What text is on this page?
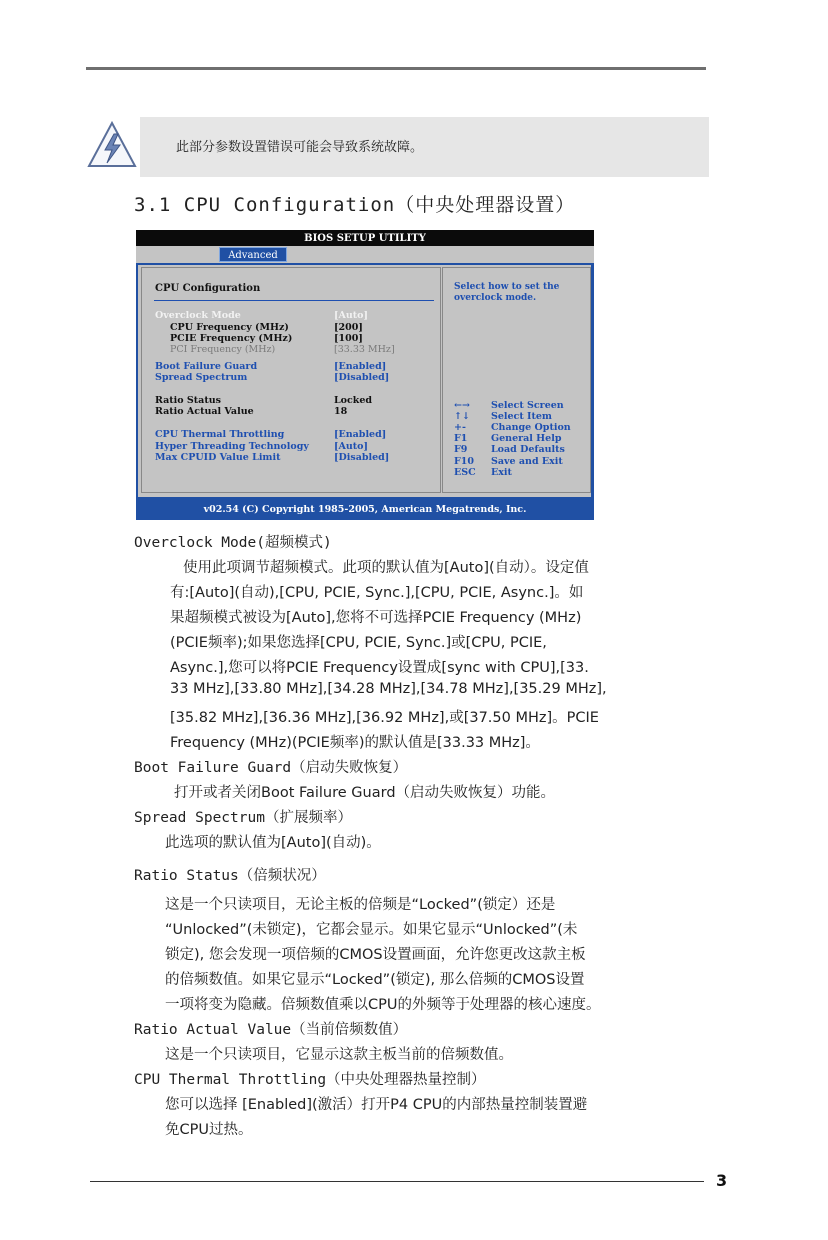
此部分参数设置错误可能会导致系统故障。
3.1 CPU Configuration（中央处理器设置）
BIOS SETUP UTILITY
Advanced
CPU Configuration
Overclock Mode	[Auto]
CPU Frequency (MHz)	[200]
PCIE Frequency (MHz)	[100]
PCI Frequency (MHz)	[33.33 MHz]
Boot Failure Guard	[Enabled]
Spread Spectrum	[Disabled]
Ratio Status	Locked
Ratio Actual Value	18
CPU Thermal Throttling	[Enabled]
Hyper Threading Technology	[Auto]
Max CPUID Value Limit	[Disabled]
Select how to set the
overclock mode.
←→ Select Screen
↑↓ Select Item
+-	Change Option
F1 General Help
F9 Load Defaults
F10 Save and Exit
ESC Exit
v02.54 (C) Copyright 1985-2005, American Megatrends, Inc.
Overclock Mode(超频模式)
使用此项调节超频模式。此项的默认值为[Auto](自动）。设定值
有:[Auto](自动),[CPU, PCIE, Sync.],[CPU, PCIE, Async.]。如
果超频模式被设为[Auto],您将不可选择PCIE Frequency (MHz)
(PCIE频率);如果您选择[CPU, PCIE, Sync.]或[CPU, PCIE,
Async.],您可以将PCIE Frequency设置成[sync with CPU],[33.
33 MHz],[33.80 MHz],[34.28 MHz],[34.78 MHz],[35.29 MHz],
[35.82 MHz],[36.36 MHz],[36.92 MHz],或[37.50 MHz]。PCIE
Frequency (MHz)(PCIE频率)的默认值是[33.33 MHz]。
Boot Failure Guard（启动失败恢复）
打开或者关闭Boot Failure Guard（启动失败恢复）功能。
Spread Spectrum（扩展频率）
此选项的默认值为[Auto](自动)。
Ratio Status（倍频状况）
这是一个只读项目，无论主板的倍频是“Locked”(锁定）还是
“Unlocked”(未锁定)，它都会显示。如果它显示“Unlocked”(未
锁定), 您会发现一项倍频的CMOS设置画面，允许您更改这款主板
的倍频数值。如果它显示“Locked”(锁定), 那么倍频的CMOS设置
一项将变为隐藏。倍频数值乘以CPU的外频等于处理器的核心速度。
Ratio Actual Value（当前倍频数值）
这是一个只读项目，它显示这款主板当前的倍频数值。
CPU Thermal Throttling（中央处理器热量控制）
您可以选择 [Enabled](激活）打开P4 CPU的内部热量控制装置避
免CPU过热。
3
